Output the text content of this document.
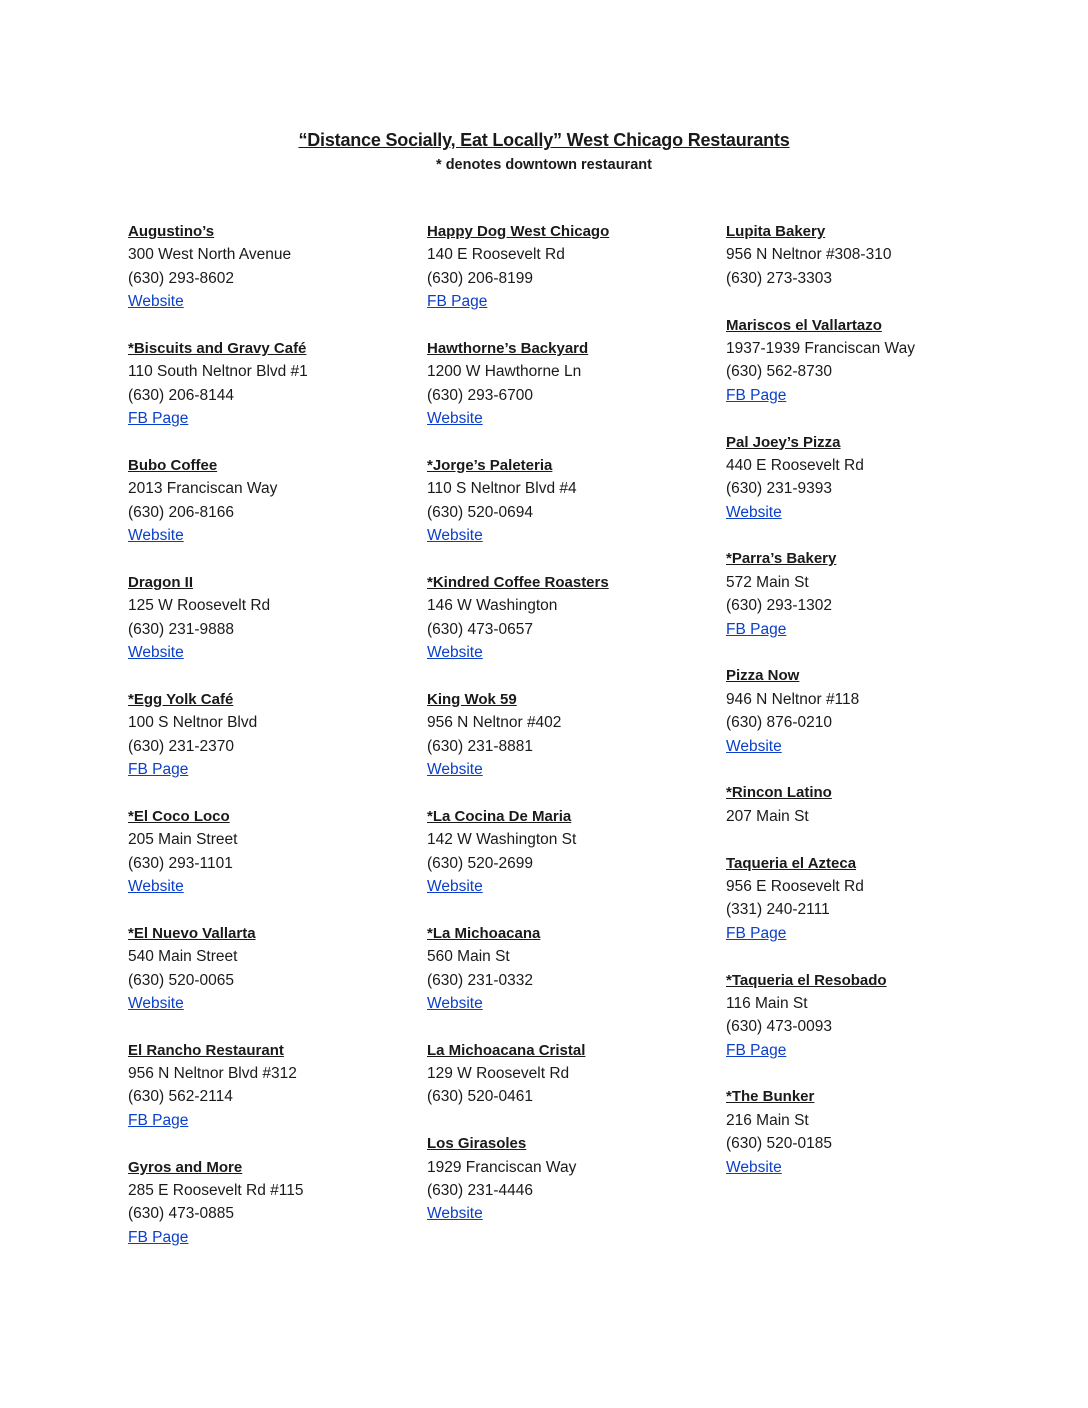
“Distance Socially, Eat Locally” West Chicago Restaurants
* denotes downtown restaurant
Augustino’s
300 West North Avenue
(630) 293-8602
Website
*Biscuits and Gravy Café
110 South Neltnor Blvd #1
(630) 206-8144
FB Page
Bubo Coffee
2013 Franciscan Way
(630) 206-8166
Website
Dragon II
125 W Roosevelt Rd
(630) 231-9888
Website
*Egg Yolk Café
100 S Neltnor Blvd
(630) 231-2370
FB Page
*El Coco Loco
205 Main Street
(630) 293-1101
Website
*El Nuevo Vallarta
540 Main Street
(630) 520-0065
Website
El Rancho Restaurant
956 N Neltnor Blvd #312
(630) 562-2114
FB Page
Gyros and More
285 E Roosevelt Rd #115
(630) 473-0885
FB Page
Happy Dog West Chicago
140 E Roosevelt Rd
(630) 206-8199
FB Page
Hawthorne’s Backyard
1200 W Hawthorne Ln
(630) 293-6700
Website
*Jorge’s Paleteria
110 S Neltnor Blvd #4
(630) 520-0694
Website
*Kindred Coffee Roasters
146 W Washington
(630) 473-0657
Website
King Wok 59
956 N Neltnor #402
(630) 231-8881
Website
*La Cocina De Maria
142 W Washington St
(630) 520-2699
Website
*La Michoacana
560 Main St
(630) 231-0332
Website
La Michoacana Cristal
129 W Roosevelt Rd
(630) 520-0461
Los Girasoles
1929 Franciscan Way
(630) 231-4446
Website
Lupita Bakery
956 N Neltnor #308-310
(630) 273-3303
Mariscos el Vallartazo
1937-1939 Franciscan Way
(630) 562-8730
FB Page
Pal Joey’s Pizza
440 E Roosevelt Rd
(630) 231-9393
Website
*Parra’s Bakery
572 Main St
(630) 293-1302
FB Page
Pizza Now
946 N Neltnor #118
(630) 876-0210
Website
*Rincon Latino
207 Main St
Taqueria el Azteca
956 E Roosevelt Rd
(331) 240-2111
FB Page
*Taqueria el Resobado
116 Main St
(630) 473-0093
FB Page
*The Bunker
216 Main St
(630) 520-0185
Website
